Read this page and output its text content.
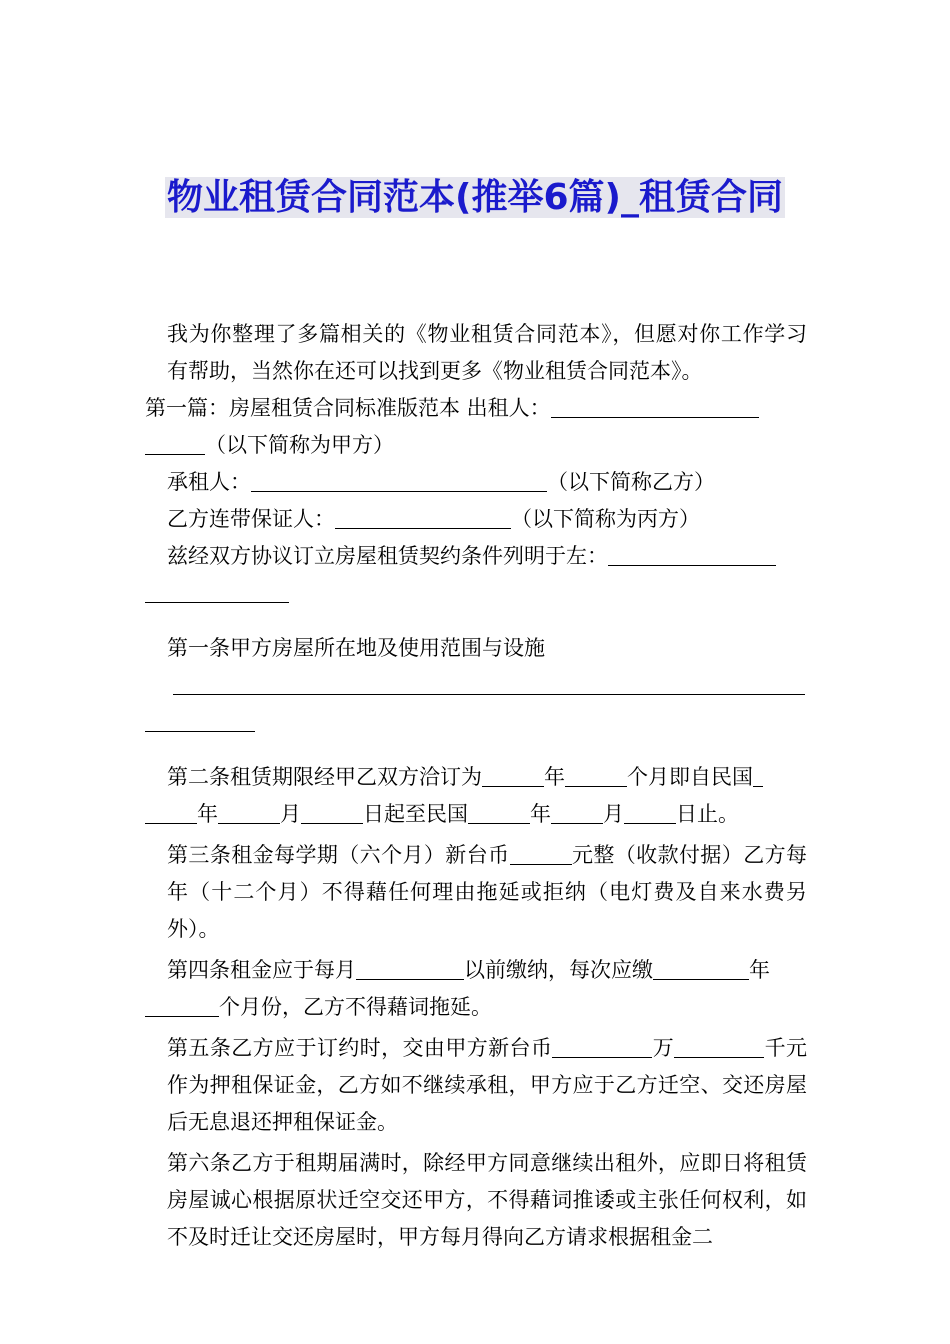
物业租赁合同范本(推举6篇)_租赁合同

我为你整理了多篇相关的《物业租赁合同范本》，但愿对你工作学习有帮助，当然你在还可以找到更多《物业租赁合同范本》。

第一篇：房屋租赁合同标准版范本 出租人：
（以下简称为甲方）

承租人：	（以下简称乙方）

乙方连带保证人：	（以下简称为丙方）

兹经双方协议订立房屋租赁契约条件列明于左：

第一条甲方房屋所在地及使用范围与设施

第二条租赁期限经甲乙双方洽订为	年	个月即自民国
年	月	日起至民国	年 月 日止。

第三条租金每学期（六个月）新台币	元整（收款付据）乙方每年（十二个月）不得藉任何理由拖延或拒纳（电灯费及自来水费另外）。

第四条租金应于每月	以前缴纳，每次应缴	年
个月份，乙方不得藉词拖延。

第五条乙方应于订约时，交由甲方新台币	万	千元作为押租保证金，乙方如不继续承租，甲方应于乙方迁空、交还房屋后无息退还押租保证金。

第六条乙方于租期届满时，除经甲方同意继续出租外，应即日将租赁房屋诚心根据原状迁空交还甲方，不得藉词推诿或主张任何权利，如不及时迁让交还房屋时，甲方每月得向乙方请求根据租金二
